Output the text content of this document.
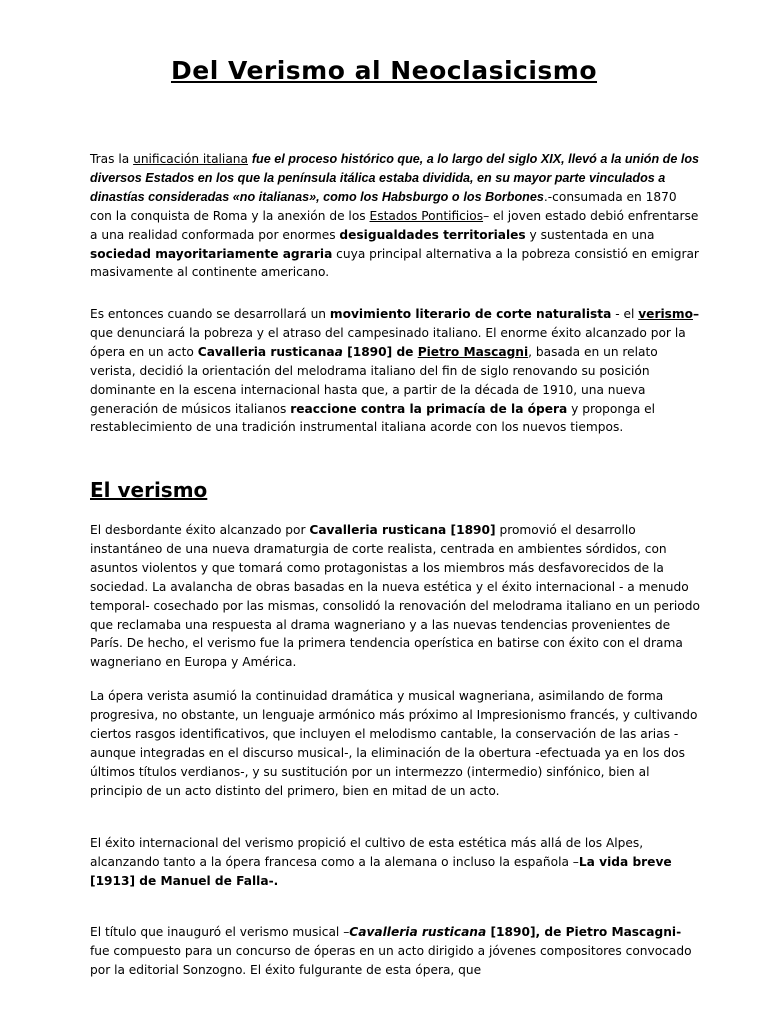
Del Verismo al Neoclasicismo
Tras la unificación italiana fue el proceso histórico que, a lo largo del siglo XIX, llevó a la unión de los diversos Estados en los que la península itálica estaba dividida, en su mayor parte vinculados a dinastías consideradas «no italianas», como los Habsburgo o los Borbones.-consumada en 1870 con la conquista de Roma y la anexión de los Estados Pontificios– el joven estado debió enfrentarse a una realidad conformada por enormes desigualdades territoriales y sustentada en una sociedad mayoritariamente agraria cuya principal alternativa a la pobreza consistió en emigrar masivamente al continente americano.
Es entonces cuando se desarrollará un movimiento literario de corte naturalista - el verismo– que denunciará la pobreza y el atraso del campesinado italiano. El enorme éxito alcanzado por la ópera en un acto Cavalleria rusticanaa [1890] de Pietro Mascagni, basada en un relato verista, decidió la orientación del melodrama italiano del fin de siglo renovando su posición dominante en la escena internacional hasta que, a partir de la década de 1910, una nueva generación de músicos italianos reaccione contra la primacía de la ópera y proponga el restablecimiento de una tradición instrumental italiana acorde con los nuevos tiempos.
El verismo
El desbordante éxito alcanzado por Cavalleria rusticana [1890] promovió el desarrollo instantáneo de una nueva dramaturgia de corte realista, centrada en ambientes sórdidos, con asuntos violentos y que tomará como protagonistas a los miembros más desfavorecidos de la sociedad. La avalancha de obras basadas en la nueva estética y el éxito internacional - a menudo temporal- cosechado por las mismas, consolidó la renovación del melodrama italiano en un periodo que reclamaba una respuesta al drama wagneriano y a las nuevas tendencias provenientes de París. De hecho, el verismo fue la primera tendencia operística en batirse con éxito con el drama wagneriano en Europa y América.
La ópera verista asumió la continuidad dramática y musical wagneriana, asimilando de forma progresiva, no obstante, un lenguaje armónico más próximo al Impresionismo francés, y cultivando ciertos rasgos identificativos, que incluyen el melodismo cantable, la conservación de las arias -aunque integradas en el discurso musical-, la eliminación de la obertura -efectuada ya en los dos últimos títulos verdianos-, y su sustitución por un intermezzo (intermedio) sinfónico, bien al principio de un acto distinto del primero, bien en mitad de un acto.
El éxito internacional del verismo propició el cultivo de esta estética más allá de los Alpes, alcanzando tanto a la ópera francesa como a la alemana o incluso la española –La vida breve [1913] de Manuel de Falla-.
El título que inauguró el verismo musical –Cavalleria rusticana [1890], de Pietro Mascagni- fue compuesto para un concurso de óperas en un acto dirigido a jóvenes compositores convocado por la editorial Sonzogno. El éxito fulgurante de esta ópera, que
